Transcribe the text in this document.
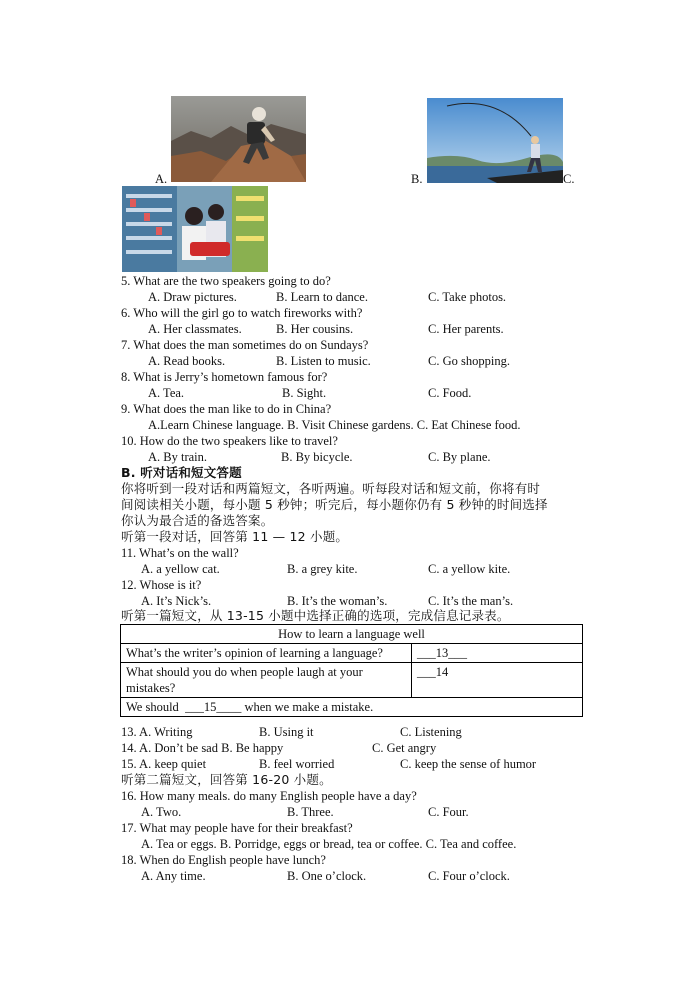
A.	B.	C.
5. What are the two speakers going to do?
A. Draw pictures.	B. Learn to dance.	C. Take photos.
6. Who will the girl go to watch fireworks with?
A. Her classmates.	B. Her cousins.	C. Her parents.
7. What does the man sometimes do on Sundays?
A. Read books.	B. Listen to music.	C. Go shopping.
8. What is Jerry’s hometown famous for?
A. Tea.	B. Sight.	C. Food.
9. What does the man like to do in China?
A.Learn Chinese language. B. Visit Chinese gardens. C. Eat Chinese food.
10. How do the two speakers like to travel?
A. By train.	B. By bicycle.	C. By plane.
B. 听对话和短文答题
你将听到一段对话和两篇短文，各听两遍。听每段对话和短文前，你将有时
间阅读相关小题，每小题 5 秒钟；听完后，每小题你仍有 5 秒钟的时间选择
你认为最合适的备选答案。
听第一段对话，回答第 11 — 12 小题。
11. What’s on the wall?
A. a yellow cat.	B. a grey kite.	C. a yellow kite.
12. Whose is it?
A. It’s Nick’s.	B. It’s the woman’s.	C. It’s the man’s.
听第一篇短文，从 13-15 小题中选择正确的选项，完成信息记录表。
How to learn a language well	
What’s the writer’s opinion of learning a language?	___13___
What should you do when people laugh at your mistakes?	___14
We should  ___15____ when we make a mistake.	
13. A. Writing	B. Using it	C. Listening
14. A. Don’t be sad B. Be happy	C. Get angry
15. A. keep quiet	B. feel worried	C. keep the sense of humor
听第二篇短文，回答第 16-20 小题。
16. How many meals. do many English people have a day?
A. Two.	B. Three.	C. Four.
17. What may people have for their breakfast?
A. Tea or eggs. B. Porridge, eggs or bread, tea or coffee. C. Tea and coffee.
18. When do English people have lunch?
A. Any time.	B. One o’clock.	C. Four o’clock.
